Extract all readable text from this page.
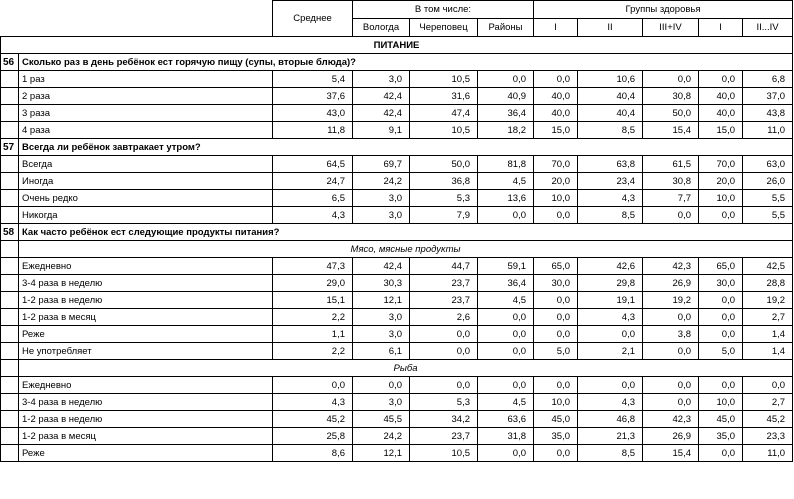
		Среднее	В том числе:			Группы здоровья				
			Вологда	Череповец	Районы	I	II	III+IV	I	II...IV
ПИТАНИЕ										
56	Сколько раз в день ребёнок ест горячую пищу (супы, вторые блюда)?									
	1 раз	5,4	3,0	10,5	0,0	0,0	10,6	0,0	0,0	6,8
	2 раза	37,6	42,4	31,6	40,9	40,0	40,4	30,8	40,0	37,0
	3 раза	43,0	42,4	47,4	36,4	40,0	40,4	50,0	40,0	43,8
	4 раза	11,8	9,1	10,5	18,2	15,0	8,5	15,4	15,0	11,0
57	Всегда ли ребёнок завтракает утром?									
	Всегда	64,5	69,7	50,0	81,8	70,0	63,8	61,5	70,0	63,0
	Иногда	24,7	24,2	36,8	4,5	20,0	23,4	30,8	20,0	26,0
	Очень редко	6,5	3,0	5,3	13,6	10,0	4,3	7,7	10,0	5,5
	Никогда	4,3	3,0	7,9	0,0	0,0	8,5	0,0	0,0	5,5
58	Как часто ребёнок ест следующие продукты питания?									
	Мясо, мясные продукты									
	Ежедневно	47,3	42,4	44,7	59,1	65,0	42,6	42,3	65,0	42,5
	3-4 раза в неделю	29,0	30,3	23,7	36,4	30,0	29,8	26,9	30,0	28,8
	1-2 раза в неделю	15,1	12,1	23,7	4,5	0,0	19,1	19,2	0,0	19,2
	1-2 раза в месяц	2,2	3,0	2,6	0,0	0,0	4,3	0,0	0,0	2,7
	Реже	1,1	3,0	0,0	0,0	0,0	0,0	3,8	0,0	1,4
	Не употребляет	2,2	6,1	0,0	0,0	5,0	2,1	0,0	5,0	1,4
	Рыба									
	Ежедневно	0,0	0,0	0,0	0,0	0,0	0,0	0,0	0,0	0,0
	3-4 раза в неделю	4,3	3,0	5,3	4,5	10,0	4,3	0,0	10,0	2,7
	1-2 раза в неделю	45,2	45,5	34,2	63,6	45,0	46,8	42,3	45,0	45,2
	1-2 раза в месяц	25,8	24,2	23,7	31,8	35,0	21,3	26,9	35,0	23,3
	Реже	8,6	12,1	10,5	0,0	0,0	8,5	15,4	0,0	11,0
